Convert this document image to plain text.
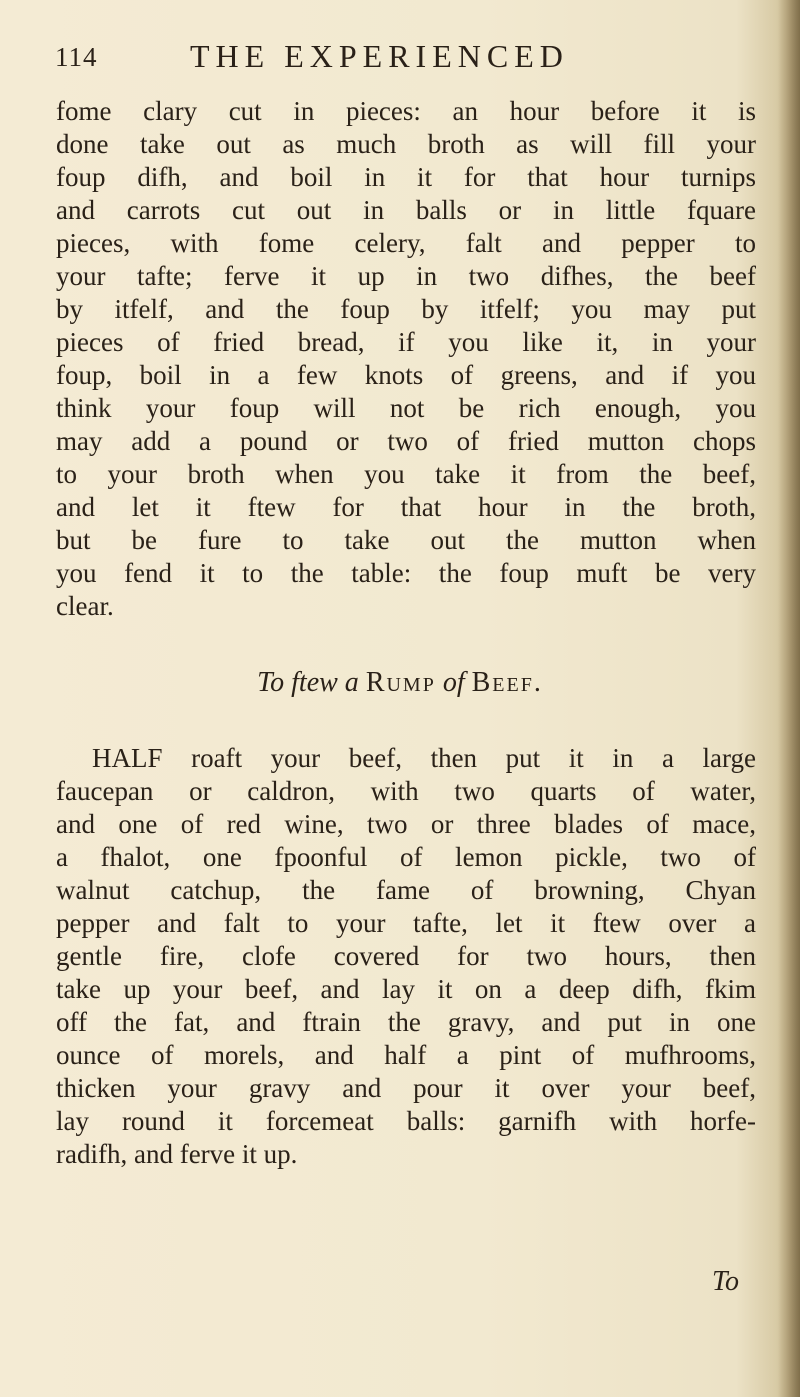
114	THE EXPERIENCED
fome clary cut in pieces: an hour before it is
done take out as much broth as will fill your
foup difh, and boil in it for that hour turnips
and carrots cut out in balls or in little fquare
pieces, with fome celery, falt and pepper to
your tafte; ferve it up in two difhes, the beef
by itfelf, and the foup by itfelf; you may put
pieces of fried bread, if you like it, in your
foup, boil in a few knots of greens, and if you
think your foup will not be rich enough, you
may add a pound or two of fried mutton chops
to your broth when you take it from the beef,
and let it ftew for that hour in the broth,
but be fure to take out the mutton when
you fend it to the table: the foup muft be very
clear.
To ftew a Rump of Beef.
HALF roaft your beef, then put it in a large
faucepan or caldron, with two quarts of water,
and one of red wine, two or three blades of mace,
a fhalot, one fpoonful of lemon pickle, two of
walnut catchup, the fame of browning, Chyan
pepper and falt to your tafte, let it ftew over a
gentle fire, clofe covered for two hours, then
take up your beef, and lay it on a deep difh, fkim
off the fat, and ftrain the gravy, and put in one
ounce of morels, and half a pint of mufhrooms,
thicken your gravy and pour it over your beef,
lay round it forcemeat balls: garnifh with horfe-
radifh, and ferve it up.
To
